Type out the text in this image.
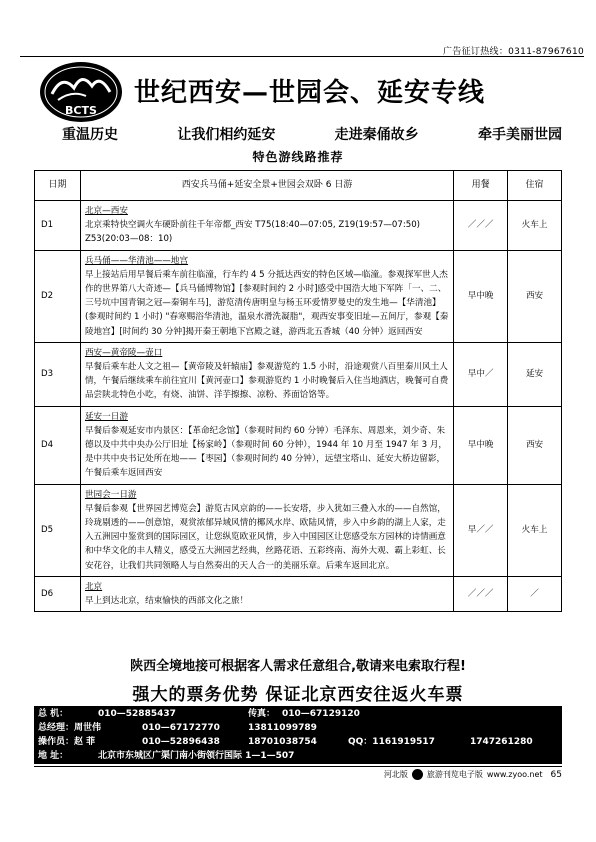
广告征订热线：0311-87967610
BCTS
世纪西安—世园会、延安专线
重温历史	让我们相约延安	走进秦俑故乡	牵手美丽世园
特色游线路推荐
日期	西安兵马俑+延安全景+世园会双卧 6 日游	用餐	住宿
D1	北京—西安
北京乘特快空调火车硬卧前往千年帝都_西安 T75(18:40—07:05, Z19(19:57—07:50) Z53(20:03—08：10)	／／／	火车上
D2	兵马俑——华清池——地宫
早上接站后用早餐后乘车前往临潼，行车约 4 5 分抵达西安的特色区域—临潼。参观探军世人杰作的世界第八大奇迹—【兵马俑博物馆】[参观时间约 2 小时]感受中国浩大地下军阵「一、二、三号坑中国青铜之冠—秦铜车马]，游览清传唐明皇与杨玉环爱情罗曼史的发生地—【华清池】(参观时间约 1 小时) "春寒赐浴华清池，温泉水滑洗凝脂"，观西安事变旧址—五间厅，参观【秦陵地宫】[时间约 30 分钟]揭开秦王朝地下宫殿之谜，游西北五香城（40 分钟）返回西安	早中晚	西安
D3	西安—黄帝陵—壶口
早餐后乘车赴人文之祖—【黄帝陵及轩辕庙】参观游览约 1.5 小时，沿途观赏八百里秦川风土人情，午餐后继续乘车前往宜川【黄河壶口】参观游览约 1 小时晚餐后入住当地酒店，晚餐可自费品尝陕北特色小吃，有烧、油饼、洋芋擦擦、凉粉、荞面饸饹等。	早中／	延安
D4	延安一日游
早餐后参观延安市内景区：【革命纪念馆】（参观时间约 60 分钟）毛泽东、周恩来，刘少奇、朱德以及中共中央办公厅旧址【杨家岭】（参观时间 60 分钟），1944 年 10 月至 1947 年 3 月，是中共中央书记处所在地——【枣园】（参观时间约 40 分钟），远望宝塔山、延安大桥边留影，午餐后乘车返回西安	早中晚	西安
D5	世园会一日游
早餐后参观【世界园艺博览会】游览古风京韵的——长安塔，步入犹如三叠入水的——自然馆，玲珑剔透的——创意馆，观赏浓郁异域风情的椰风水岸、欧陆风情，步入中乡韵的湖上人家，走入五洲园中鉴赏到的国际园区，让您纵览欧亚风情，步入中国园区让您感受东方园林的诗情画意和中华文化的丰人精义，感受五大洲园艺经典，丝路花语、五彩终南、海外大观、霸上彩虹、长安花谷，让我们共同领略人与自然奏出的天人合一的美丽乐章。后乘车返回北京。	早／／	火车上
D6	北京
早上到达北京，结束愉快的西部文化之旅！	／／／	／
陕西全境地接可根据客人需求任意组合,敬请来电索取行程!
强大的票务优势 保证北京西安往返火车票
总 机：	010—52885437	传真： 010—67129120
总经理：周世伟	010—67172770	13811099789
操作员：赵 菲	010—52896438	18701038754	QQ：1161919517	1747261280
地 址：	北京市东城区广渠门南小街领行国际 1—1—507
河北版 旅游刊览电子版 www.zyoo.net 65
